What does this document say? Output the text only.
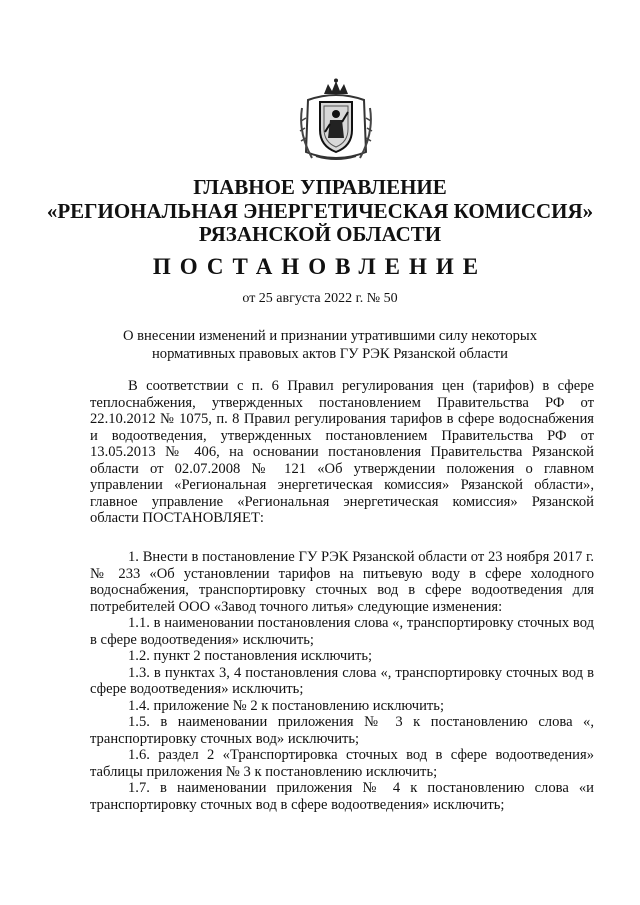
ГЛАВНОЕ УПРАВЛЕНИЕ
«РЕГИОНАЛЬНАЯ ЭНЕРГЕТИЧЕСКАЯ КОМИССИЯ»
РЯЗАНСКОЙ ОБЛАСТИ
ПОСТАНОВЛЕНИЕ
от 25 августа 2022 г. № 50
О внесении изменений и признании утратившими силу некоторых нормативных правовых актов ГУ РЭК Рязанской области

В соответствии с п. 6 Правил регулирования цен (тарифов) в сфере теплоснабжения, утвержденных постановлением Правительства РФ от 22.10.2012 № 1075, п. 8 Правил регулирования тарифов в сфере водоснабжения и водоотведения, утвержденных постановлением Правительства РФ от 13.05.2013 № 406, на основании постановления Правительства Рязанской области от 02.07.2008 № 121 «Об утверждении положения о главном управлении «Региональная энергетическая комиссия» Рязанской области», главное управление «Региональная энергетическая комиссия» Рязанской области ПОСТАНОВЛЯЕТ:

1. Внести в постановление ГУ РЭК Рязанской области от 23 ноября 2017 г. № 233 «Об установлении тарифов на питьевую воду в сфере холодного водоснабжения, транспортировку сточных вод в сфере водоотведения для потребителей ООО «Завод точного литья» следующие изменения:

1.1. в наименовании постановления слова «, транспортировку сточных вод в сфере водоотведения» исключить;

1.2. пункт 2 постановления исключить;

1.3. в пунктах 3, 4 постановления слова «, транспортировку сточных вод в сфере водоотведения» исключить;

1.4. приложение № 2 к постановлению исключить;

1.5. в наименовании приложения № 3 к постановлению слова «, транспортировку сточных вод» исключить;

1.6. раздел 2 «Транспортировка сточных вод в сфере водоотведения» таблицы приложения № 3 к постановлению исключить;

1.7. в наименовании приложения № 4 к постановлению слова «и транспортировку сточных вод в сфере водоотведения» исключить;
